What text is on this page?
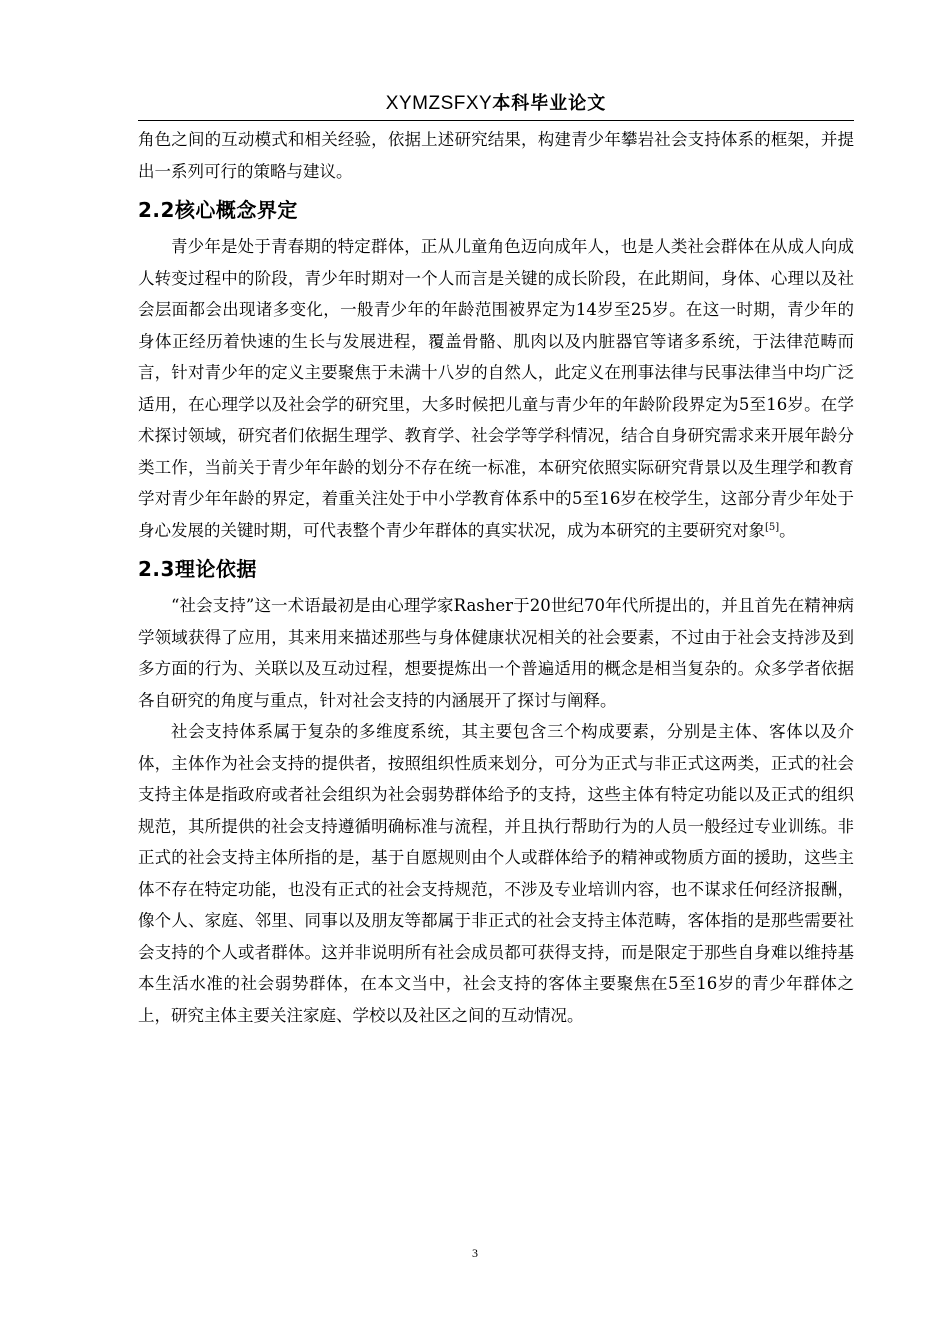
XYMZSFXY本科毕业论文

角色之间的互动模式和相关经验，依据上述研究结果，构建青少年攀岩社会支持体系的框架，并提出一系列可行的策略与建议。

2.2核心概念界定

青少年是处于青春期的特定群体，正从儿童角色迈向成年人，也是人类社会群体在从成人向成人转变过程中的阶段，青少年时期对一个人而言是关键的成长阶段，在此期间，身体、心理以及社会层面都会出现诸多变化，一般青少年的年龄范围被界定为14岁至25岁。在这一时期，青少年的身体正经历着快速的生长与发展进程，覆盖骨骼、肌肉以及内脏器官等诸多系统，于法律范畴而言，针对青少年的定义主要聚焦于未满十八岁的自然人，此定义在刑事法律与民事法律当中均广泛适用，在心理学以及社会学的研究里，大多时候把儿童与青少年的年龄阶段界定为5至16岁。在学术探讨领域，研究者们依据生理学、教育学、社会学等学科情况，结合自身研究需求来开展年龄分类工作，当前关于青少年年龄的划分不存在统一标准，本研究依照实际研究背景以及生理学和教育学对青少年年龄的界定，着重关注处于中小学教育体系中的5至16岁在校学生，这部分青少年处于身心发展的关键时期，可代表整个青少年群体的真实状况，成为本研究的主要研究对象[5]。

2.3理论依据

“社会支持”这一术语最初是由心理学家Rasher于20世纪70年代所提出的，并且首先在精神病学领域获得了应用，其来用来描述那些与身体健康状况相关的社会要素，不过由于社会支持涉及到多方面的行为、关联以及互动过程，想要提炼出一个普遍适用的概念是相当复杂的。众多学者依据各自研究的角度与重点，针对社会支持的内涵展开了探讨与阐释。

社会支持体系属于复杂的多维度系统，其主要包含三个构成要素，分别是主体、客体以及介体，主体作为社会支持的提供者，按照组织性质来划分，可分为正式与非正式这两类，正式的社会支持主体是指政府或者社会组织为社会弱势群体给予的支持，这些主体有特定功能以及正式的组织规范，其所提供的社会支持遵循明确标准与流程，并且执行帮助行为的人员一般经过专业训练。非正式的社会支持主体所指的是，基于自愿规则由个人或群体给予的精神或物质方面的援助，这些主体不存在特定功能，也没有正式的社会支持规范，不涉及专业培训内容，也不谋求任何经济报酬，像个人、家庭、邻里、同事以及朋友等都属于非正式的社会支持主体范畴，客体指的是那些需要社会支持的个人或者群体。这并非说明所有社会成员都可获得支持，而是限定于那些自身难以维持基本生活水准的社会弱势群体，在本文当中，社会支持的客体主要聚焦在5至16岁的青少年群体之上，研究主体主要关注家庭、学校以及社区之间的互动情况。

3
